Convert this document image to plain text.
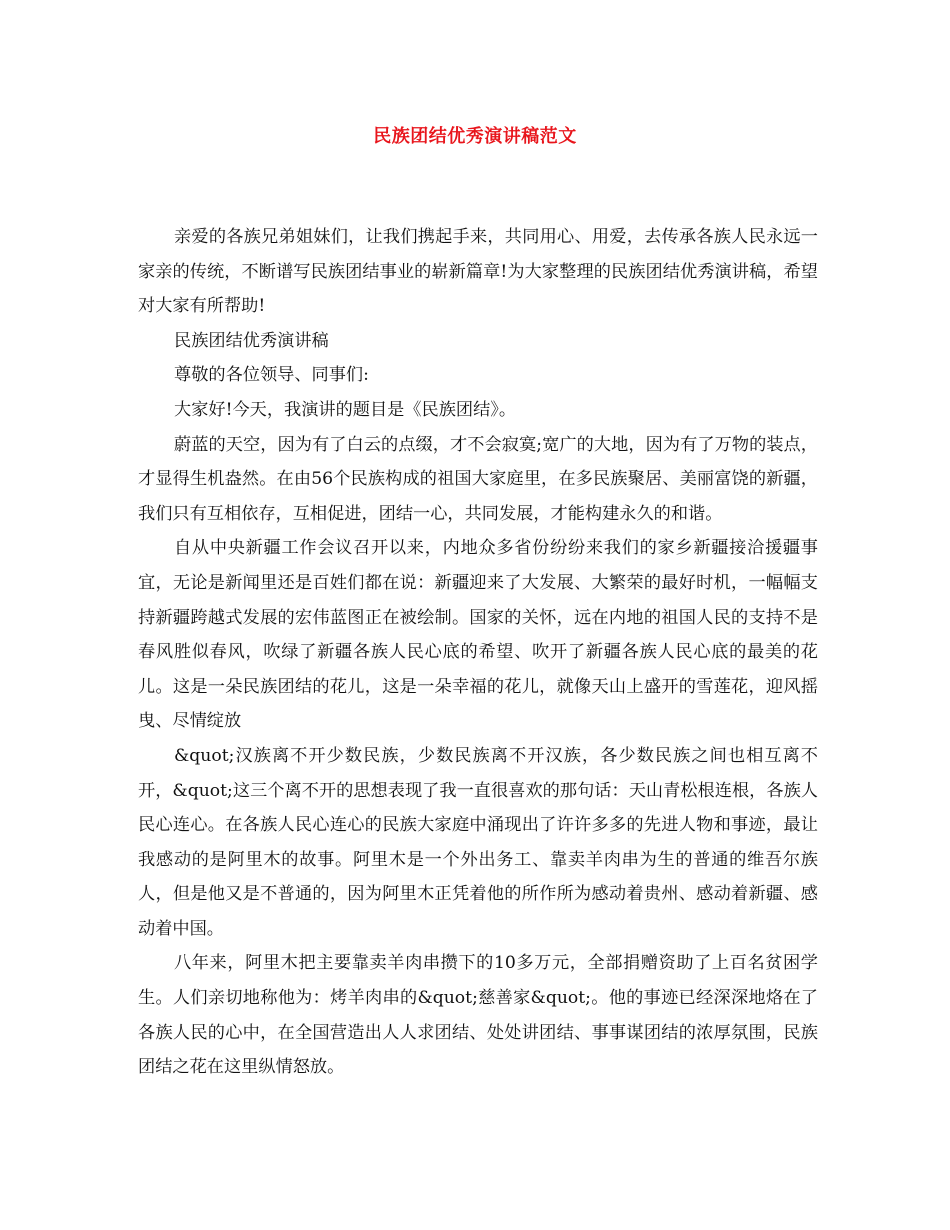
民族团结优秀演讲稿范文

亲爱的各族兄弟姐妹们，让我们携起手来，共同用心、用爱，去传承各族人民永远一家亲的传统，不断谱写民族团结事业的崭新篇章!为大家整理的民族团结优秀演讲稿，希望对大家有所帮助!

民族团结优秀演讲稿

尊敬的各位领导、同事们:

大家好!今天，我演讲的题目是《民族团结》。

蔚蓝的天空，因为有了白云的点缀，才不会寂寞;宽广的大地，因为有了万物的装点，才显得生机盎然。在由56个民族构成的祖国大家庭里，在多民族聚居、美丽富饶的新疆，我们只有互相依存，互相促进，团结一心，共同发展，才能构建永久的和谐。

自从中央新疆工作会议召开以来，内地众多省份纷纷来我们的家乡新疆接洽援疆事宜，无论是新闻里还是百姓们都在说：新疆迎来了大发展、大繁荣的最好时机，一幅幅支持新疆跨越式发展的宏伟蓝图正在被绘制。国家的关怀，远在内地的祖国人民的支持不是 春风胜似春风，吹绿了新疆各族人民心底的希望、吹开了新疆各族人民心底的最美的花儿。这是一朵民族团结的花儿，这是一朵幸福的花儿，就像天山上盛开的雪莲花，迎风摇曳、尽情绽放

&quot;汉族离不开少数民族，少数民族离不开汉族，各少数民族之间也相互离不开，&quot;这三个离不开的思想表现了我一直很喜欢的那句话：天山青松根连根，各族人民心连心。在各族人民心连心的民族大家庭中涌现出了许许多多的先进人物和事迹，最让我感动的是阿里木的故事。阿里木是一个外出务工、靠卖羊肉串为生的普通的维吾尔族人，但是他又是不普通的，因为阿里木正凭着他的所作所为感动着贵州、感动着新疆、感动着中国。

八年来，阿里木把主要靠卖羊肉串攒下的10多万元，全部捐赠资助了上百名贫困学生。人们亲切地称他为：烤羊肉串的&quot;慈善家&quot;。他的事迹已经深深地烙在了各族人民的心中，在全国营造出人人求团结、处处讲团结、事事谋团结的浓厚氛围，民族团结之花在这里纵情怒放。
